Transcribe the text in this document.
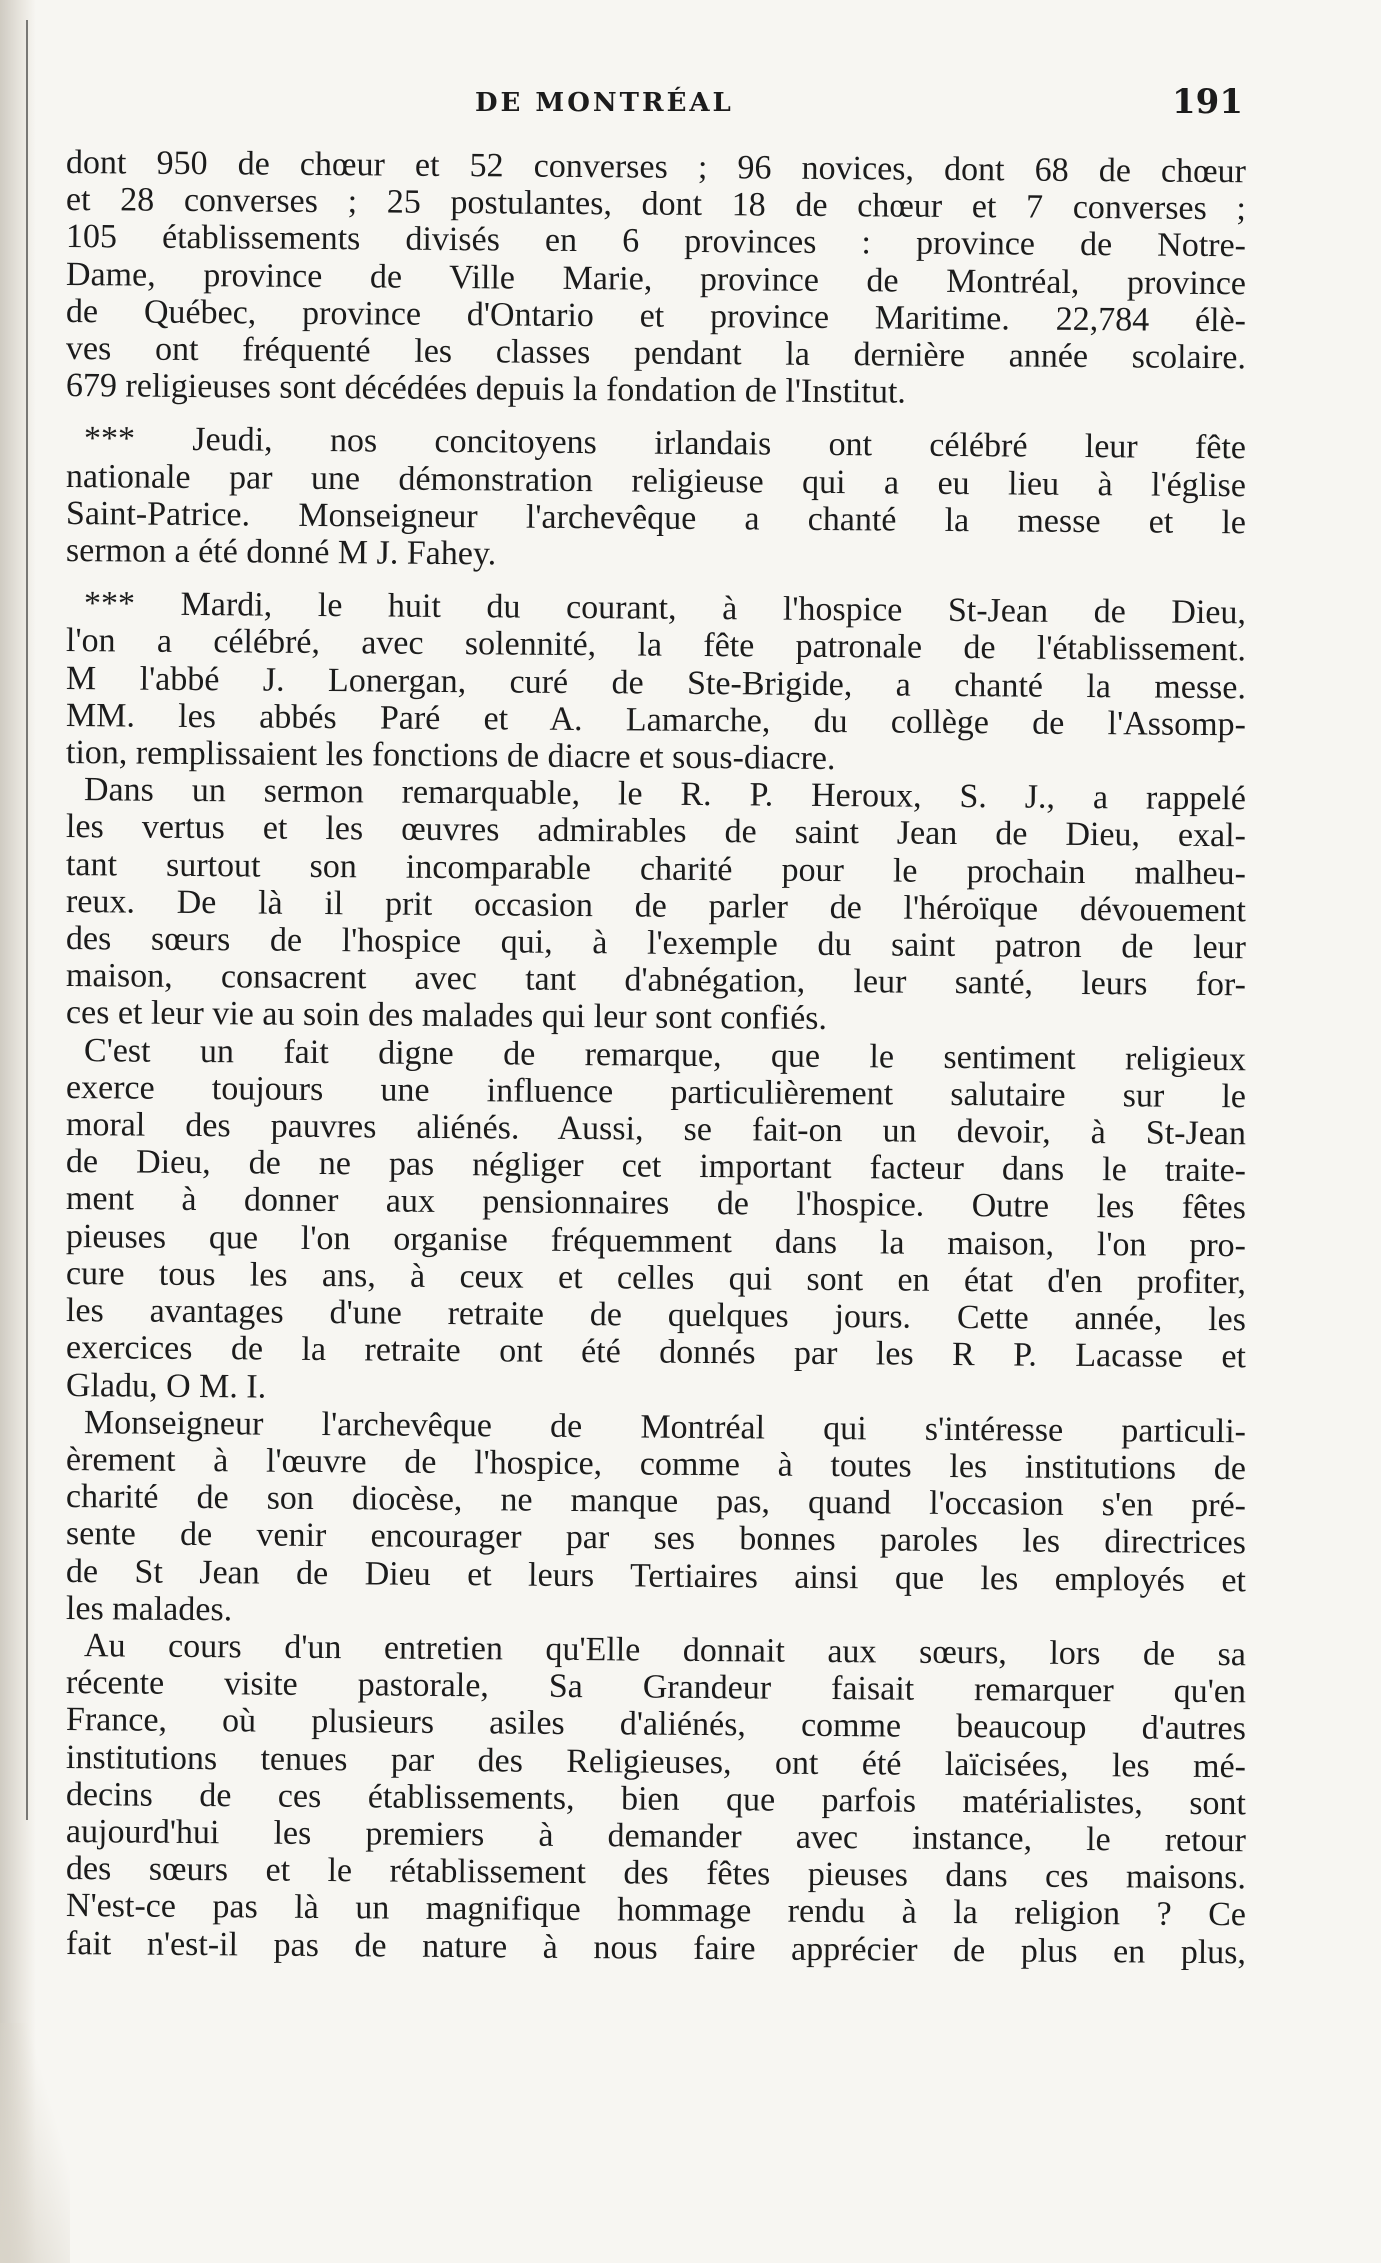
DE MONTRÉAL	191
dont 950 de chœur et 52 converses ; 96 novices, dont 68 de chœur
et 28 converses ; 25 postulantes, dont 18 de chœur et 7 converses ;
105 établissements divisés en 6 provinces : province de Notre-
Dame, province de Ville Marie, province de Montréal, province
de Québec, province d'Ontario et province Maritime. 22,784 élè-
ves ont fréquenté les classes pendant la dernière année scolaire.
679 religieuses sont décédées depuis la fondation de l'Institut.
*** Jeudi, nos concitoyens irlandais ont célébré leur fête
nationale par une démonstration religieuse qui a eu lieu à l'église
Saint-Patrice. Monseigneur l'archevêque a chanté la messe et le
sermon a été donné M J. Fahey.
*** Mardi, le huit du courant, à l'hospice St-Jean de Dieu,
l'on a célébré, avec solennité, la fête patronale de l'établissement.
M l'abbé J. Lonergan, curé de Ste-Brigide, a chanté la messe.
MM. les abbés Paré et A. Lamarche, du collège de l'Assomp-
tion, remplissaient les fonctions de diacre et sous-diacre.
Dans un sermon remarquable, le R. P. Heroux, S. J., a rappelé
les vertus et les œuvres admirables de saint Jean de Dieu, exal-
tant surtout son incomparable charité pour le prochain malheu-
reux. De là il prit occasion de parler de l'héroïque dévouement
des sœurs de l'hospice qui, à l'exemple du saint patron de leur
maison, consacrent avec tant d'abnégation, leur santé, leurs for-
ces et leur vie au soin des malades qui leur sont confiés.
C'est un fait digne de remarque, que le sentiment religieux
exerce toujours une influence particulièrement salutaire sur le
moral des pauvres aliénés. Aussi, se fait-on un devoir, à St-Jean
de Dieu, de ne pas négliger cet important facteur dans le traite-
ment à donner aux pensionnaires de l'hospice. Outre les fêtes
pieuses que l'on organise fréquemment dans la maison, l'on pro-
cure tous les ans, à ceux et celles qui sont en état d'en profiter,
les avantages d'une retraite de quelques jours. Cette année, les
exercices de la retraite ont été donnés par les R P. Lacasse et
Gladu, O M. I.
Monseigneur l'archevêque de Montréal qui s'intéresse particuli-
èrement à l'œuvre de l'hospice, comme à toutes les institutions de
charité de son diocèse, ne manque pas, quand l'occasion s'en pré-
sente de venir encourager par ses bonnes paroles les directrices
de St Jean de Dieu et leurs Tertiaires ainsi que les employés et
les malades.
Au cours d'un entretien qu'Elle donnait aux sœurs, lors de sa
récente visite pastorale, Sa Grandeur faisait remarquer qu'en
France, où plusieurs asiles d'aliénés, comme beaucoup d'autres
institutions tenues par des Religieuses, ont été laïcisées, les mé-
decins de ces établissements, bien que parfois matérialistes, sont
aujourd'hui les premiers à demander avec instance, le retour
des sœurs et le rétablissement des fêtes pieuses dans ces maisons.
N'est-ce pas là un magnifique hommage rendu à la religion ? Ce
fait n'est-il pas de nature à nous faire apprécier de plus en plus,
